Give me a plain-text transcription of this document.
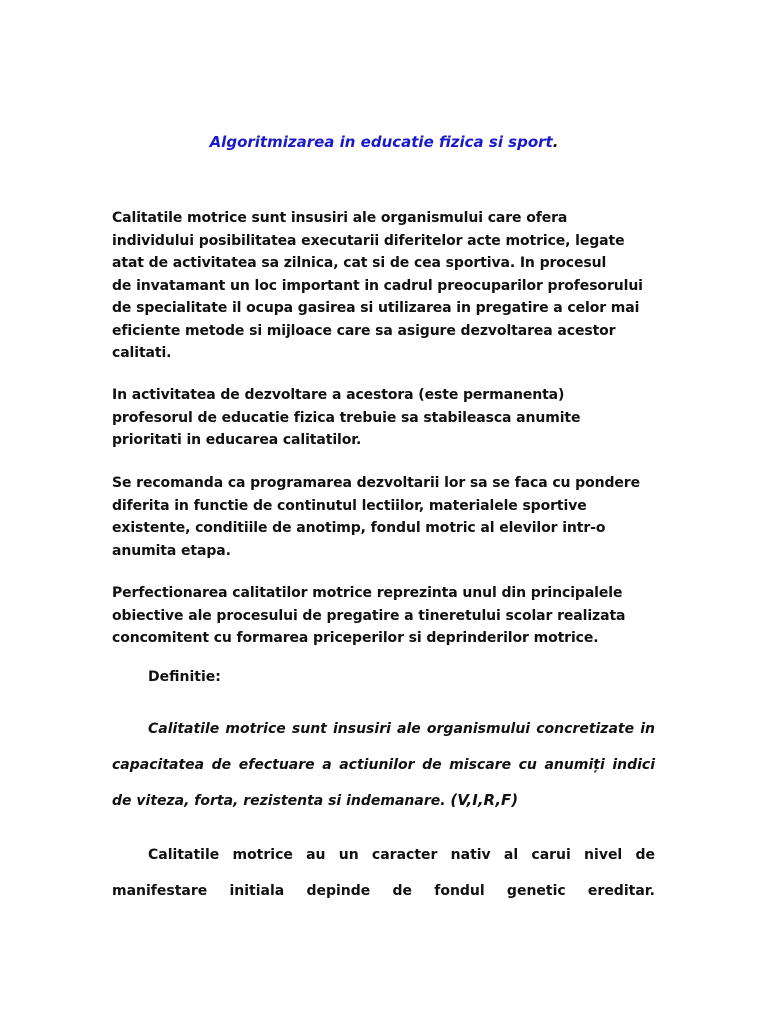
Algoritmizarea in educatie fizica si sport.

Calitatile motrice sunt insusiri ale organismului care ofera
individului posibilitatea executarii diferitelor acte motrice, legate
atat de activitatea sa zilnica, cat si de cea sportiva. In procesul
de invatamant un loc important in cadrul preocuparilor profesorului
de specialitate il ocupa gasirea si utilizarea in pregatire a celor mai
eficiente metode si mijloace care sa asigure dezvoltarea acestor
calitati.

In activitatea de dezvoltare a acestora (este permanenta)
profesorul de educatie fizica trebuie sa stabileasca anumite
prioritati in educarea calitatilor.

Se recomanda ca programarea dezvoltarii lor sa se faca cu pondere
diferita in functie de continutul lectiilor, materialele sportive
existente, conditiile de anotimp, fondul motric al elevilor intr-o
anumita etapa.

Perfectionarea calitatilor motrice reprezinta unul din principalele
obiective ale procesului de pregatire a tineretului scolar realizata
concomitent cu formarea priceperilor si deprinderilor motrice.

Definitie:

Calitatile motrice sunt insusiri ale organismului concretizate in
capacitatea de efectuare a actiunilor de miscare cu anumiți indici
de viteza, forta, rezistenta si indemanare. (V,I,R,F)

Calitatile motrice au un caracter nativ al carui nivel de
manifestare initiala depinde de fondul genetic ereditar.
